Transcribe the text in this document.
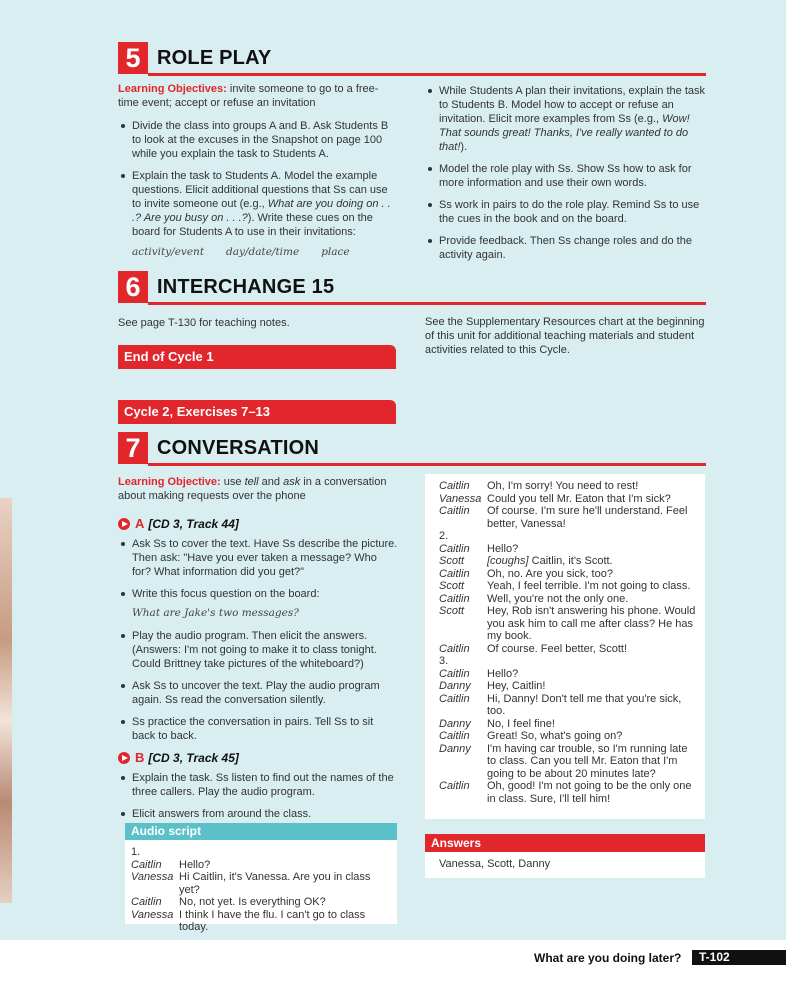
5 ROLE PLAY

Learning Objectives: invite someone to go to a free-time event; accept or refuse an invitation

Divide the class into groups A and B. Ask Students B to look at the excuses in the Snapshot on page 100 while you explain the task to Students A.
Explain the task to Students A. Model the example questions. Elicit additional questions that Ss can use to invite someone out (e.g., What are you doing on . . .? Are you busy on . . .?). Write these cues on the board for Students A to use in their invitations:
activity/event day/date/time place
While Students A plan their invitations, explain the task to Students B. Model how to accept or refuse an invitation. Elicit more examples from Ss (e.g., Wow! That sounds great! Thanks, I've really wanted to do that!).
Model the role play with Ss. Show Ss how to ask for more information and use their own words.
Ss work in pairs to do the role play. Remind Ss to use the cues in the book and on the board.
Provide feedback. Then Ss change roles and do the activity again.
6 INTERCHANGE 15
See page T-130 for teaching notes.	See the Supplementary Resources chart at the beginning of this unit for additional teaching materials and student activities related to this Cycle.
End of Cycle 1
Cycle 2, Exercises 7–13
7 CONVERSATION

Learning Objective: use tell and ask in a conversation about making requests over the phone

A [CD 3, Track 44]
Ask Ss to cover the text. Have Ss describe the picture. Then ask: "Have you ever taken a message? Who for? What information did you get?"
Write this focus question on the board:
What are Jake's two messages?
Play the audio program. Then elicit the answers. (Answers: I'm not going to make it to class tonight. Could Brittney take pictures of the whiteboard?)
Ask Ss to uncover the text. Play the audio program again. Ss read the conversation silently.
Ss practice the conversation in pairs. Tell Ss to sit back to back.
B [CD 3, Track 45]
Explain the task. Ss listen to find out the names of the three callers. Play the audio program.
Elicit answers from around the class.
Audio script
1.	
Caitlin	Hello?
Vanessa	Hi Caitlin, it's Vanessa. Are you in class yet?
Caitlin	No, not yet. Is everything OK?
Vanessa	I think I have the flu. I can't go to class today.
Caitlin	Oh, I'm sorry! You need to rest!
Vanessa	Could you tell Mr. Eaton that I'm sick?
Caitlin	Of course. I'm sure he'll understand. Feel better, Vanessa!
2.	
Caitlin	Hello?
Scott	[coughs] Caitlin, it's Scott.
Caitlin	Oh, no. Are you sick, too?
Scott	Yeah, I feel terrible. I'm not going to class.
Caitlin	Well, you're not the only one.
Scott	Hey, Rob isn't answering his phone. Would you ask him to call me after class? He has my book.
Caitlin	Of course. Feel better, Scott!
3.	
Caitlin	Hello?
Danny	Hey, Caitlin!
Caitlin	Hi, Danny! Don't tell me that you're sick, too.
Danny	No, I feel fine!
Caitlin	Great! So, what's going on?
Danny	I'm having car trouble, so I'm running late to class. Can you tell Mr. Eaton that I'm going to be about 20 minutes late?
Caitlin	Oh, good! I'm not going to be the only one in class. Sure, I'll tell him!
Answers
Vanessa, Scott, Danny
What are you doing later? T-102
